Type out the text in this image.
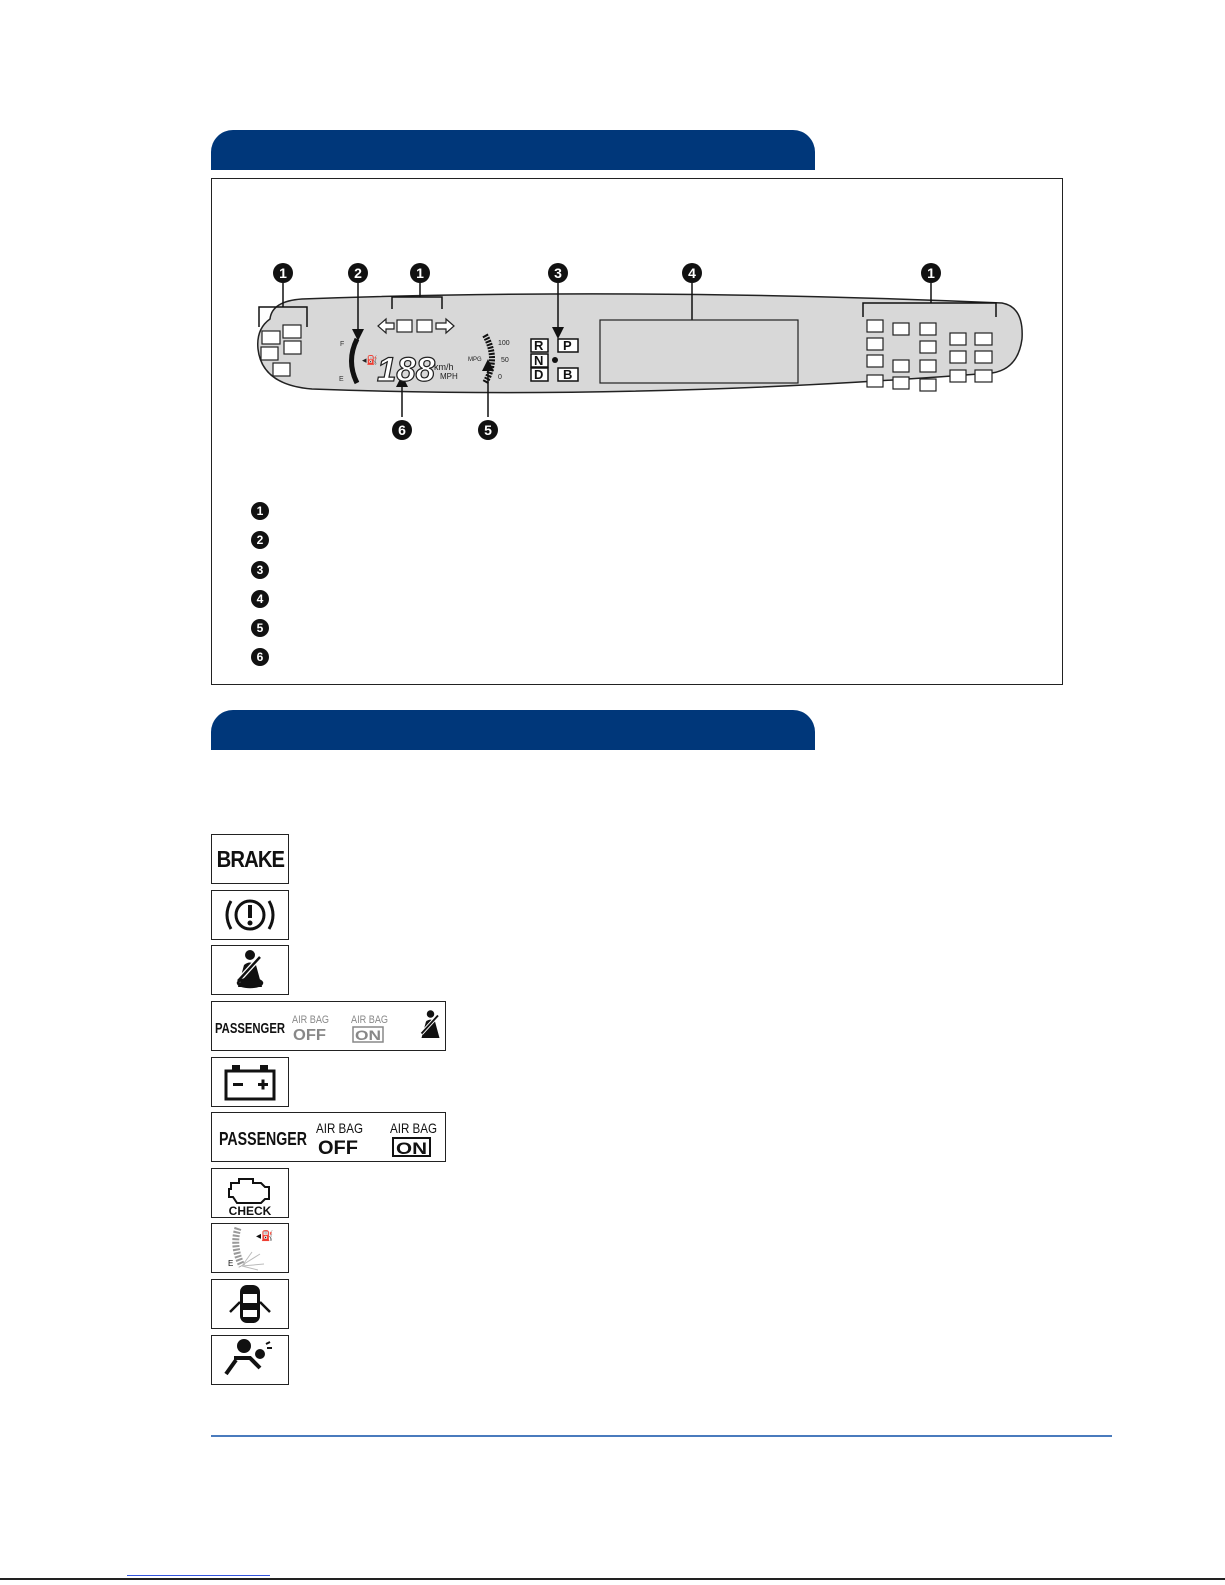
1	2	1	3	4	1
F
E
◂⛽ 188
km/h
MPH
MPG
100
50
0
R P
N
D B
6	5
1
2
3
4
5
6
BRAKE
PASSENGER AIR BAG
OFF
AIR BAG
ON
PASSENGER
AIR BAG
OFF
AIR BAG
ON
CHECK
◂⛽
E
